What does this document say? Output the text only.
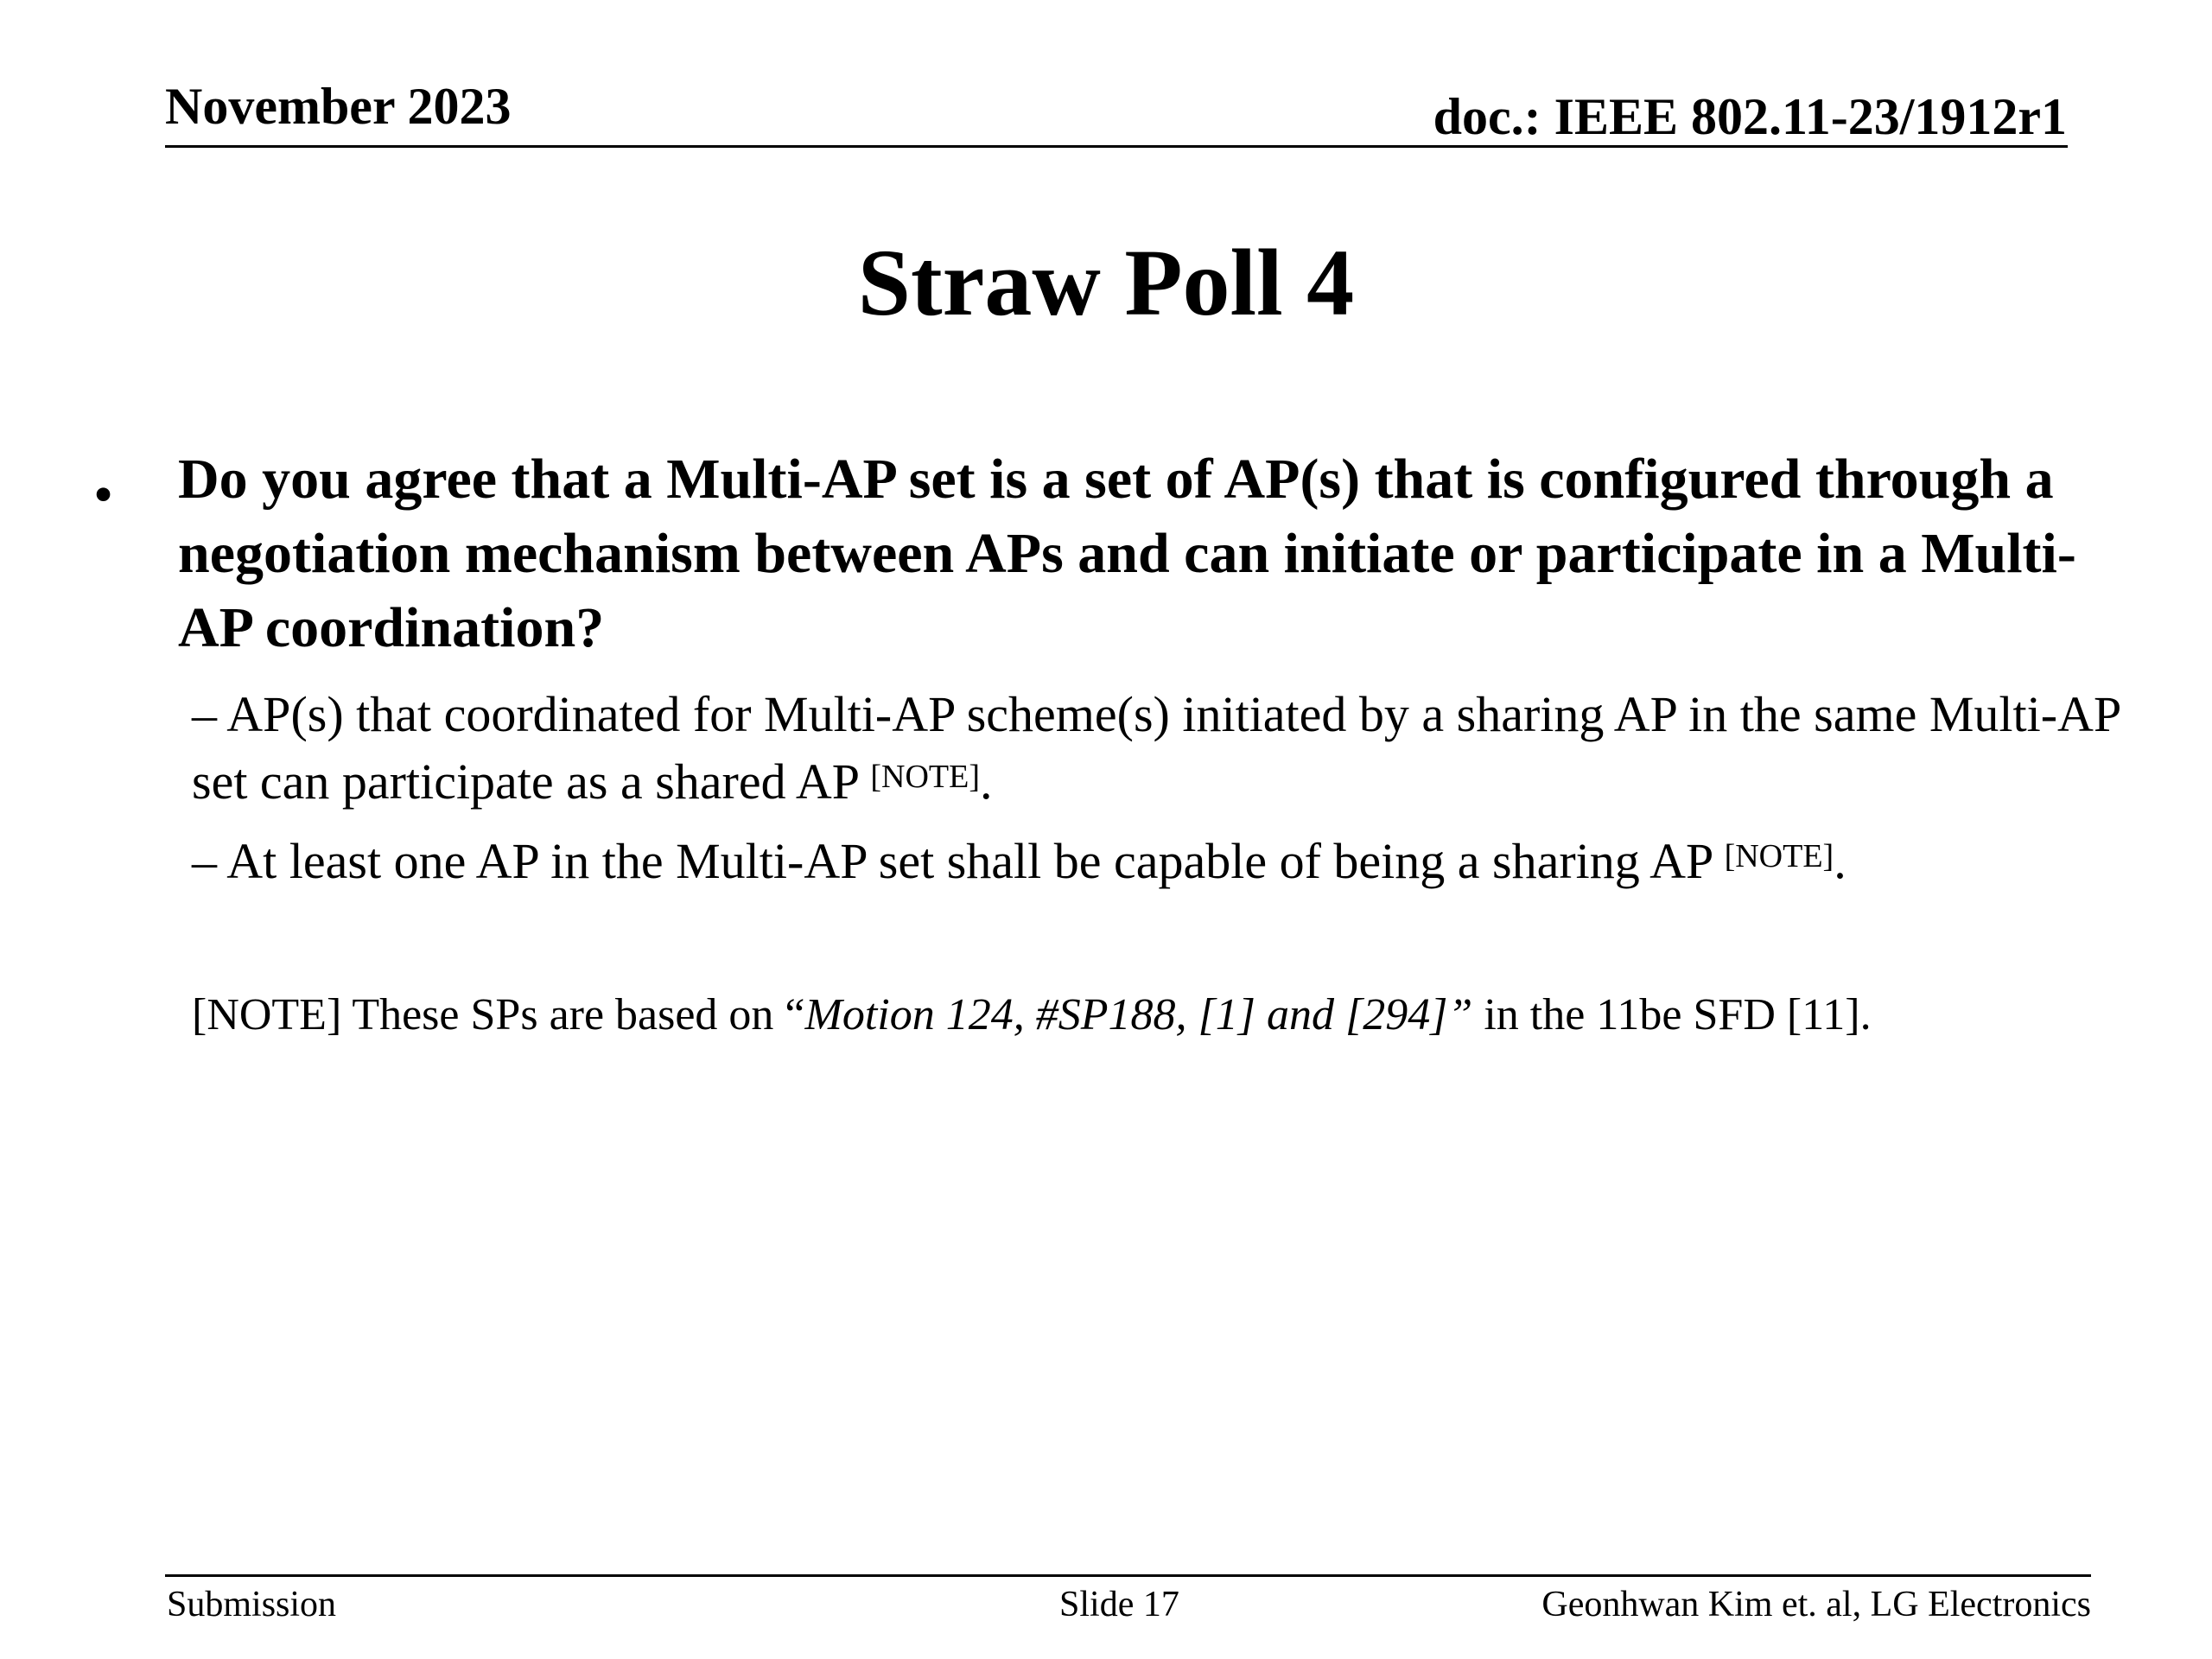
November 2023	doc.: IEEE 802.11-23/1912r1
Straw Poll 4
• Do you agree that a Multi-AP set is a set of AP(s) that is configured through a negotiation mechanism between APs and can initiate or participate in a Multi-AP coordination?
– AP(s) that coordinated for Multi-AP scheme(s) initiated by a sharing AP in the same Multi-AP set can participate as a shared AP [NOTE].
– At least one AP in the Multi-AP set shall be capable of being a sharing AP [NOTE].
[NOTE] These SPs are based on “Motion 124, #SP188, [1] and [294]” in the 11be SFD [11].
Submission	Slide 17	Geonhwan Kim et. al, LG Electronics
